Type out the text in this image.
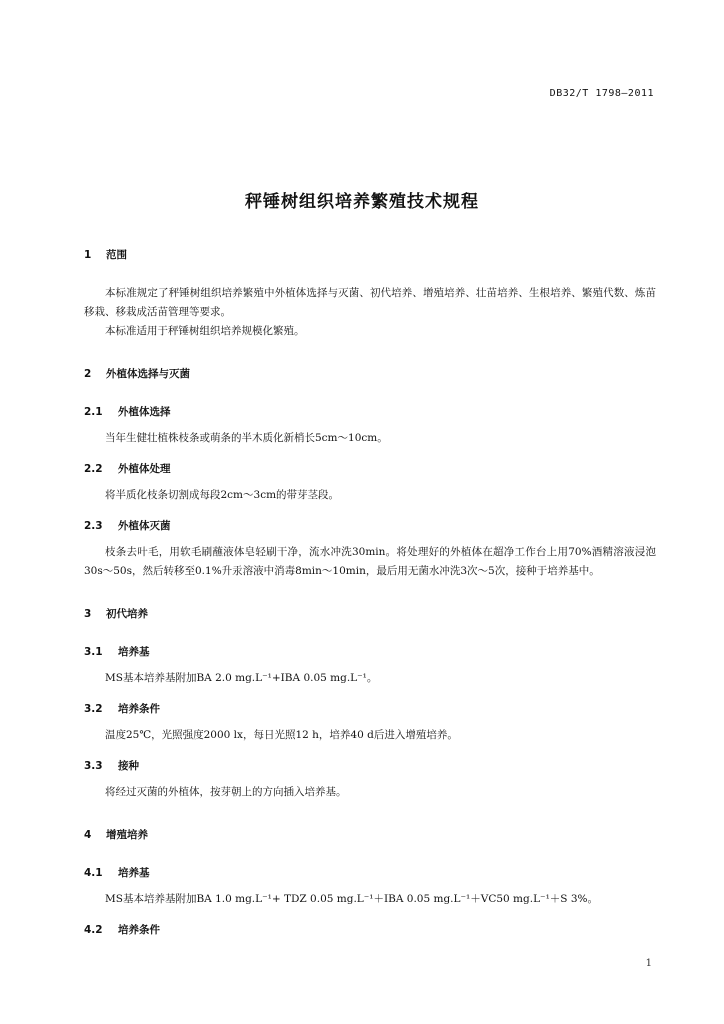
DB32/T 1798—2011
秤锤树组织培养繁殖技术规程
1 范围

本标准规定了秤锤树组织培养繁殖中外植体选择与灭菌、初代培养、增殖培养、壮苗培养、生根培养、繁殖代数、炼苗移栽、移栽成活苗管理等要求。

本标准适用于秤锤树组织培养规模化繁殖。

2 外植体选择与灭菌
2.1 外植体选择

当年生健壮植株枝条或萌条的半木质化新梢长5cm～10cm。

2.2 外植体处理

将半质化枝条切割成每段2cm～3cm的带芽茎段。

2.3 外植体灭菌

枝条去叶毛，用软毛刷蘸液体皂轻刷干净，流水冲洗30min。将处理好的外植体在超净工作台上用70%酒精溶液浸泡30s～50s，然后转移至0.1%升汞溶液中消毒8min～10min，最后用无菌水冲洗3次～5次，接种于培养基中。

3 初代培养
3.1 培养基

MS基本培养基附加BA 2.0 mg.L⁻¹+IBA 0.05 mg.L⁻¹。

3.2 培养条件

温度25℃，光照强度2000 lx，每日光照12 h，培养40 d后进入增殖培养。

3.3 接种

将经过灭菌的外植体，按芽朝上的方向插入培养基。

4 增殖培养
4.1 培养基

MS基本培养基附加BA 1.0 mg.L⁻¹+ TDZ 0.05 mg.L⁻¹＋IBA 0.05 mg.L⁻¹＋VC50 mg.L⁻¹＋S 3%。

4.2 培养条件
1
